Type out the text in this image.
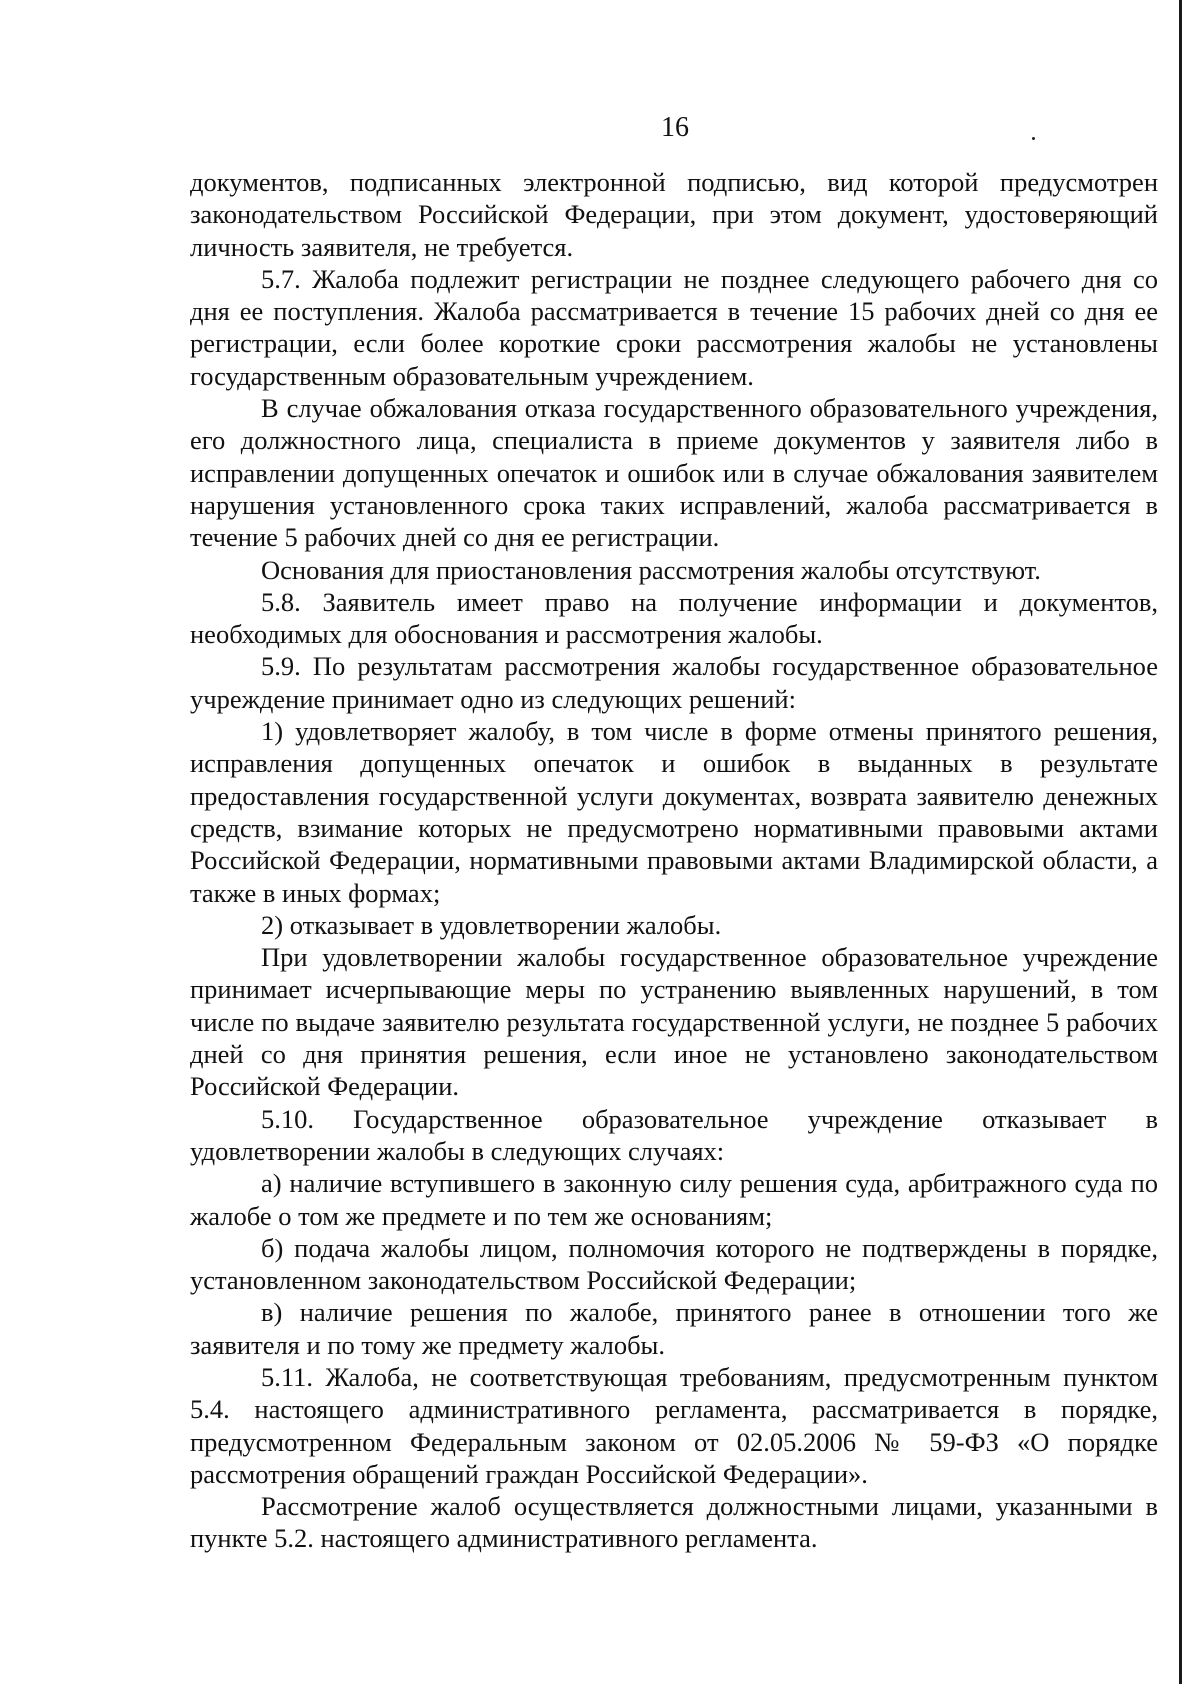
16

документов, подписанных электронной подписью, вид которой предусмотрен законодательством Российской Федерации, при этом документ, удостоверяющий личность заявителя, не требуется.

5.7. Жалоба подлежит регистрации не позднее следующего рабочего дня со дня ее поступления. Жалоба рассматривается в течение 15 рабочих дней со дня ее регистрации, если более короткие сроки рассмотрения жалобы не установлены государственным образовательным учреждением.

В случае обжалования отказа государственного образовательного учреждения, его должностного лица, специалиста в приеме документов у заявителя либо в исправлении допущенных опечаток и ошибок или в случае обжалования заявителем нарушения установленного срока таких исправлений, жалоба рассматривается в течение 5 рабочих дней со дня ее регистрации.

Основания для приостановления рассмотрения жалобы отсутствуют.

5.8. Заявитель имеет право на получение информации и документов, необходимых для обоснования и рассмотрения жалобы.

5.9. По результатам рассмотрения жалобы государственное образовательное учреждение принимает одно из следующих решений:

1) удовлетворяет жалобу, в том числе в форме отмены принятого решения, исправления допущенных опечаток и ошибок в выданных в результате предоставления государственной услуги документах, возврата заявителю денежных средств, взимание которых не предусмотрено нормативными правовыми актами Российской Федерации, нормативными правовыми актами Владимирской области, а также в иных формах;

2) отказывает в удовлетворении жалобы.

При удовлетворении жалобы государственное образовательное учреждение принимает исчерпывающие меры по устранению выявленных нарушений, в том числе по выдаче заявителю результата государственной услуги, не позднее 5 рабочих дней со дня принятия решения, если иное не установлено законодательством Российской Федерации.

5.10. Государственное образовательное учреждение отказывает в удовлетворении жалобы в следующих случаях:

а) наличие вступившего в законную силу решения суда, арбитражного суда по жалобе о том же предмете и по тем же основаниям;

б) подача жалобы лицом, полномочия которого не подтверждены в порядке, установленном законодательством Российской Федерации;

в) наличие решения по жалобе, принятого ранее в отношении того же заявителя и по тому же предмету жалобы.

5.11. Жалоба, не соответствующая требованиям, предусмотренным пунктом 5.4. настоящего административного регламента, рассматривается в порядке, предусмотренном Федеральным законом от 02.05.2006 № 59-ФЗ «О порядке рассмотрения обращений граждан Российской Федерации».

Рассмотрение жалоб осуществляется должностными лицами, указанными в пункте 5.2. настоящего административного регламента.
